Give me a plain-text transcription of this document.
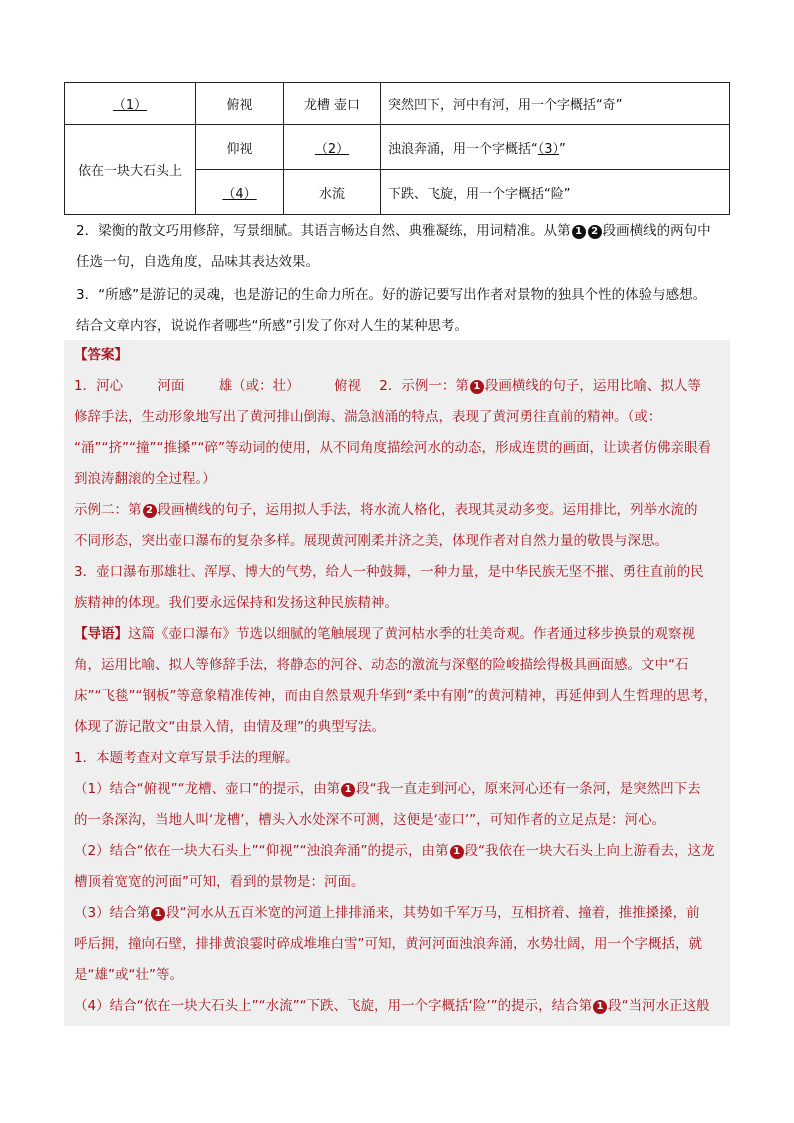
（1）	俯视	龙槽 壶口	突然凹下，河中有河，用一个字概括“奇”
依在一块大石头上	仰视	（2）	浊浪奔涌，用一个字概括“（3）”
	（4）	水流	下跌、飞旋，用一个字概括“险”
2．梁衡的散文巧用修辞，写景细腻。其语言畅达自然、典雅凝练，用词精准。从第 1 2 段画横线的两句中
任选一句，自选角度，品味其表达效果。
3．“所感”是游记的灵魂，也是游记的生命力所在。好的游记要写出作者对景物的独具个性的体验与感想。
结合文章内容，说说作者哪些“所感”引发了你对人生的某种思考。

【答案】

1．河心	河面	雄（或：壮）	俯视 2．示例一：第 1 段画横线的句子，运用比喻、拟人等

修辞手法，生动形象地写出了黄河排山倒海、湍急汹涌的特点，表现了黄河勇往直前的精神。（或：

“涌”“挤”“撞”“推搡”“碎”等动词的使用，从不同角度描绘河水的动态，形成连贯的画面，让读者仿佛亲眼看

到浪涛翻滚的全过程。）

示例二：第 2 段画横线的句子，运用拟人手法，将水流人格化，表现其灵动多变。运用排比，列举水流的

不同形态，突出壶口瀑布的复杂多样。展现黄河刚柔并济之美，体现作者对自然力量的敬畏与深思。

3．壶口瀑布那雄壮、浑厚、博大的气势，给人一种鼓舞，一种力量，是中华民族无坚不摧、勇往直前的民

族精神的体现。我们要永远保持和发扬这种民族精神。

【导语】这篇《壶口瀑布》节选以细腻的笔触展现了黄河枯水季的壮美奇观。作者通过移步换景的观察视

角，运用比喻、拟人等修辞手法，将静态的河谷、动态的激流与深壑的险峻描绘得极具画面感。文中“石

床”“飞毯”“钢板”等意象精准传神，而由自然景观升华到“柔中有刚”的黄河精神，再延伸到人生哲理的思考，

体现了游记散文“由景入情，由情及理”的典型写法。

1．本题考查对文章写景手法的理解。

（1）结合“俯视”“龙槽、壶口”的提示，由第 1 段“我一直走到河心，原来河心还有一条河，是突然凹下去

的一条深沟，当地人叫‘龙槽’，槽头入水处深不可测，这便是‘壶口’”，可知作者的立足点是：河心。

（2）结合“依在一块大石头上”“仰视”“浊浪奔涌”的提示，由第 1 段“我依在一块大石头上向上游看去，这龙

槽顶着宽宽的河面”可知，看到的景物是：河面。

（3）结合第 1 段“河水从五百米宽的河道上排排涌来，其势如千军万马，互相挤着、撞着，推推搡搡，前

呼后拥，撞向石壁，排排黄浪霎时碎成堆堆白雪”可知，黄河河面浊浪奔涌，水势壮阔，用一个字概括，就

是“雄”或“壮”等。

（4）结合“依在一块大石头上”“水流”“下跌、飞旋，用一个字概括‘险’”的提示，结合第 1 段“当河水正这般
